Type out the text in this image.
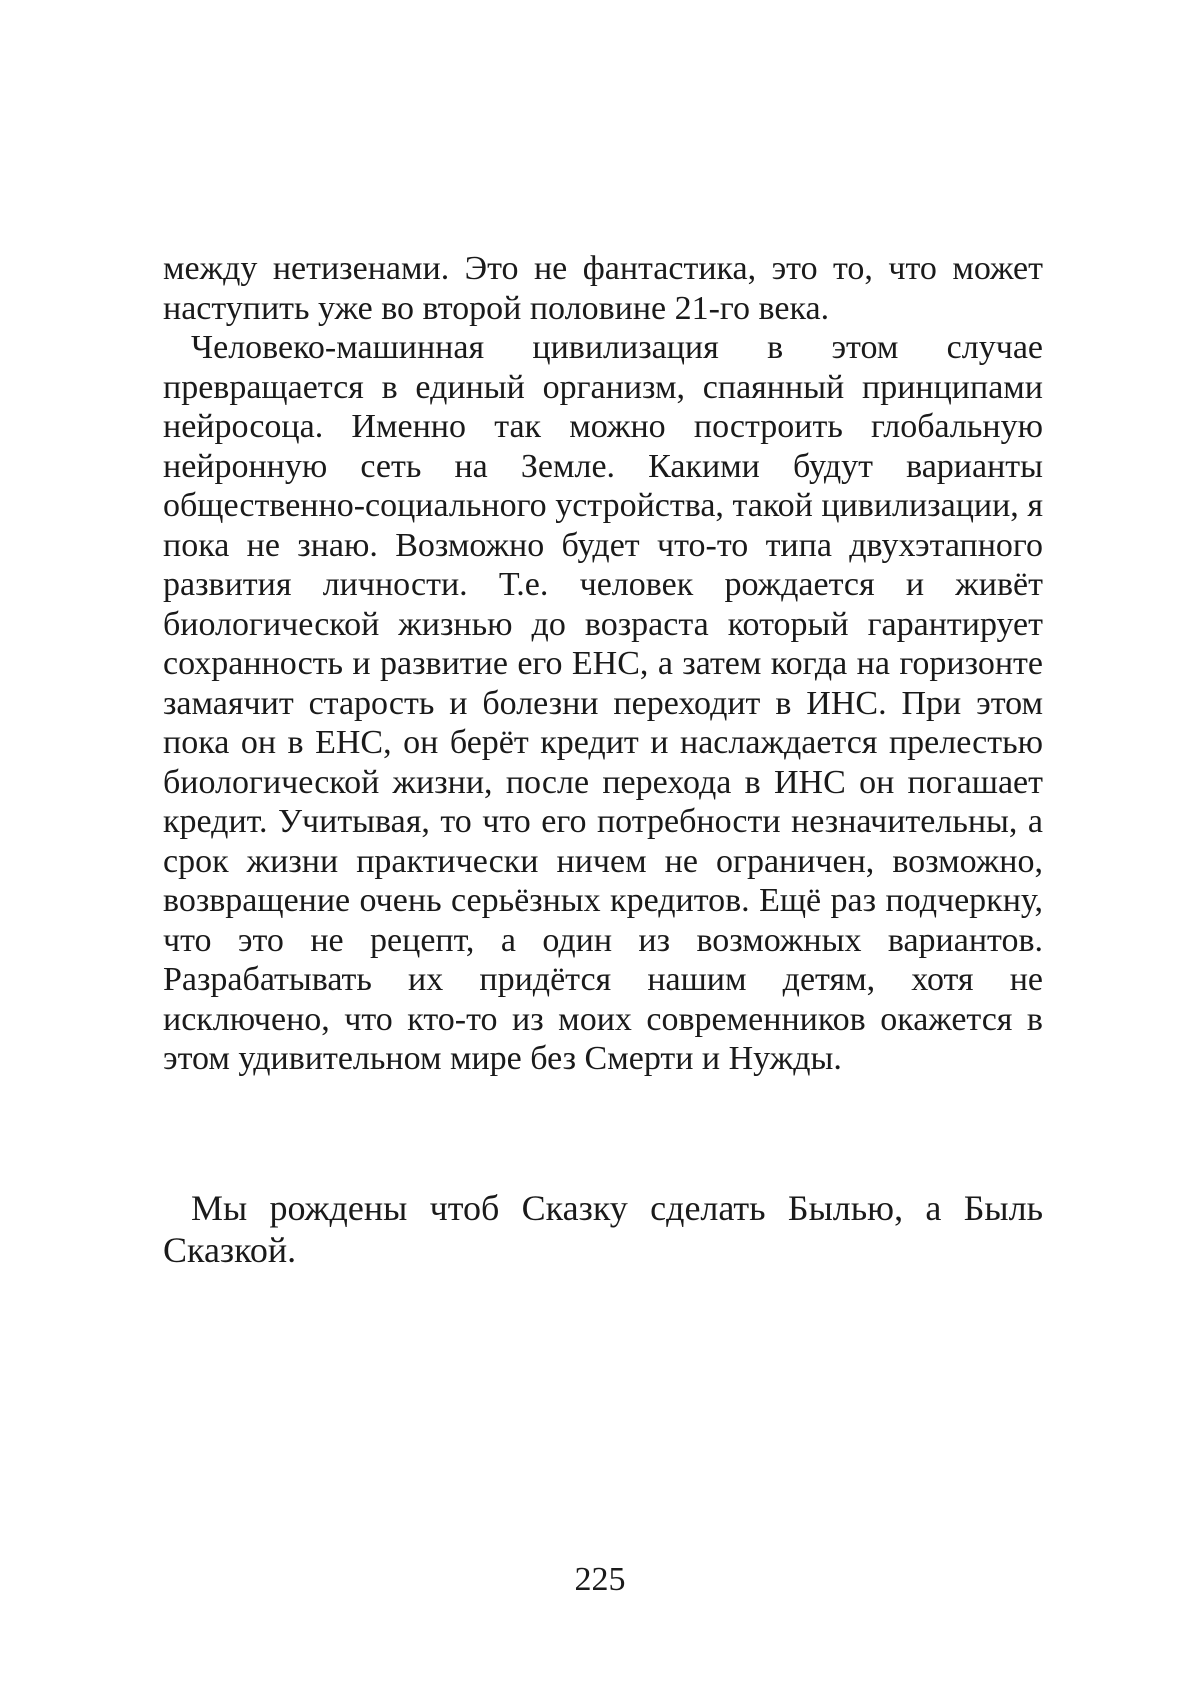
между нетизенами. Это не фантастика, это то, что может наступить уже во второй половине 21-го века.

Человеко-машинная цивилизация в этом случае превращается в единый организм, спаянный принципами нейросоца. Именно так можно построить глобальную нейронную сеть на Земле. Какими будут варианты общественно-социального устройства, такой цивилизации, я пока не знаю. Возможно будет что-то типа двухэтапного развития личности. Т.е. человек рождается и живёт биологической жизнью до возраста который гарантирует сохранность и развитие его ЕНС, а затем когда на горизонте замаячит старость и болезни переходит в ИНС. При этом пока он в ЕНС, он берёт кредит и наслаждается прелестью биологической жизни, после перехода в ИНС он погашает кредит. Учитывая, то что его потребности незначительны, а срок жизни практически ничем не ограничен, возможно, возвращение очень серьёзных кредитов. Ещё раз подчеркну, что это не рецепт, а один из возможных вариантов. Разрабатывать их придётся нашим детям, хотя не исключено, что кто-то из моих современников окажется в этом удивительном мире без Смерти и Нужды.

Мы рождены чтоб Сказку сделать Былью, а Быль Сказкой.

225
